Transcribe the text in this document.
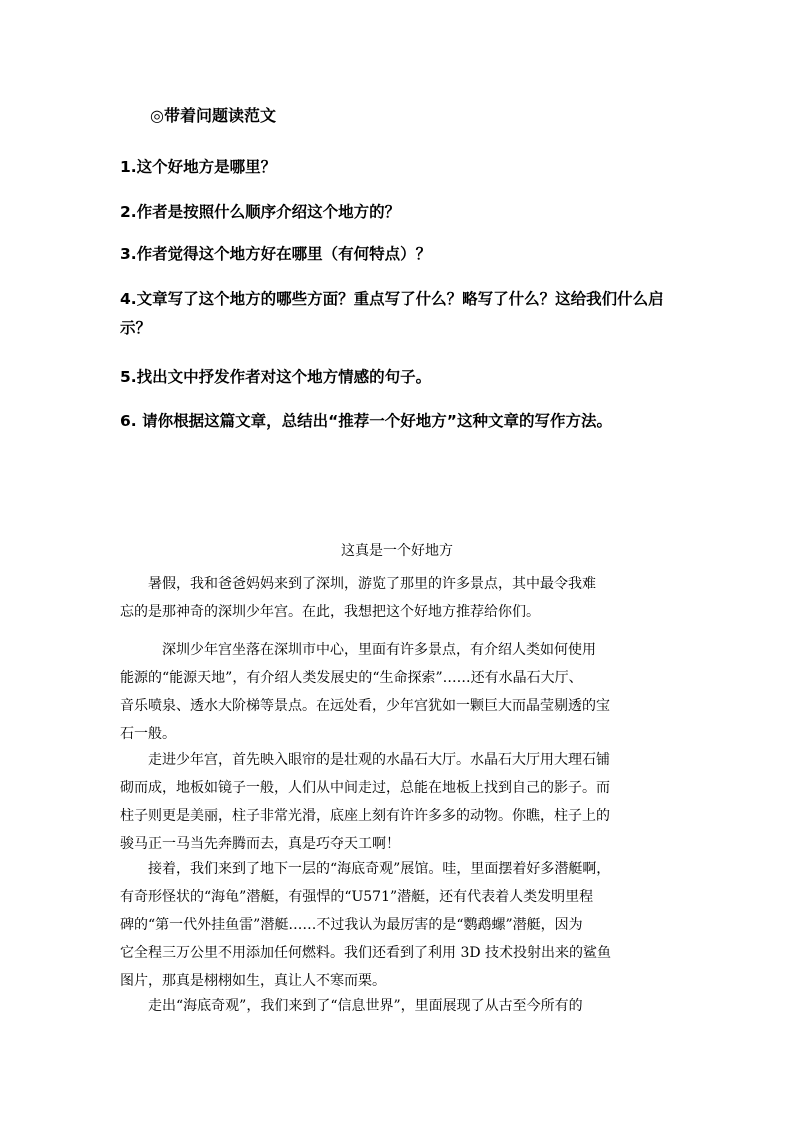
◎带着问题读范文
1.这个好地方是哪里？
2.作者是按照什么顺序介绍这个地方的？
3.作者觉得这个地方好在哪里（有何特点）？
4.文章写了这个地方的哪些方面？重点写了什么？略写了什么？这给我们什么启示？
5.找出文中抒发作者对这个地方情感的句子。
6. 请你根据这篇文章，总结出“推荐一个好地方”这种文章的写作方法。
这真是一个好地方
　　暑假，我和爸爸妈妈来到了深圳，游览了那里的许多景点，其中最令我难
忘的是那神奇的深圳少年宫。在此，我想把这个好地方推荐给你们。
　　　深圳少年宫坐落在深圳市中心，里面有许多景点，有介绍人类如何使用
能源的“能源天地”，有介绍人类发展史的“生命探索”……还有水晶石大厅、
音乐喷泉、透水大阶梯等景点。在远处看，少年宫犹如一颗巨大而晶莹剔透的宝
石一般。
　　走进少年宫，首先映入眼帘的是壮观的水晶石大厅。水晶石大厅用大理石铺
砌而成，地板如镜子一般，人们从中间走过，总能在地板上找到自己的影子。而
柱子则更是美丽，柱子非常光滑，底座上刻有许许多多的动物。你瞧，柱子上的
骏马正一马当先奔腾而去，真是巧夺天工啊！
　　接着，我们来到了地下一层的“海底奇观”展馆。哇，里面摆着好多潜艇啊，
有奇形怪状的“海龟”潜艇，有强悍的“U571”潜艇，还有代表着人类发明里程
碑的“第一代外挂鱼雷”潜艇……不过我认为最厉害的是“鹦鹉螺”潜艇，因为
它全程三万公里不用添加任何燃料。我们还看到了利用 3D 技术投射出来的鲨鱼
图片，那真是栩栩如生，真让人不寒而栗。
　　走出“海底奇观”，我们来到了“信息世界”，里面展现了从古至今所有的
